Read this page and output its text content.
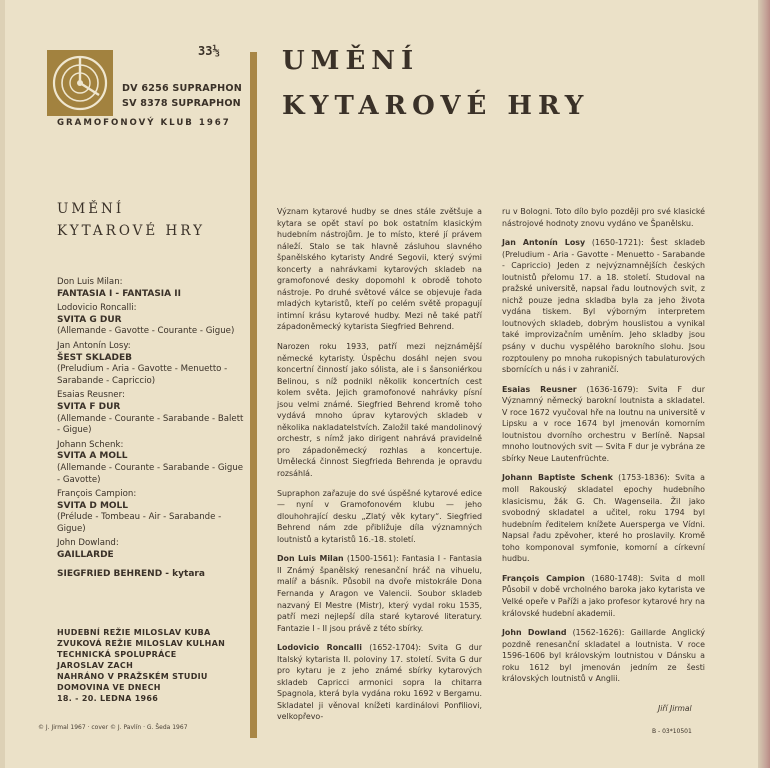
33⅓
DV 6256 SUPRAPHON
SV 8378 SUPRAPHON
GRAMOFONOVÝ KLUB 1967
UMĚNÍ
KYTAROVÉ HRY
UMĚNÍ
KYTAROVÉ HRY
Don Luis Milan:
FANTASIA I - FANTASIA II
Lodovicio Roncalli:
SVITA G DUR
(Allemande - Gavotte - Courante - Gigue)
Jan Antonín Losy:
ŠEST SKLADEB
(Preludium - Aria - Gavotte - Menuetto - Sarabande - Capriccio)
Esaias Reusner:
SVITA F DUR
(Allemande - Courante - Sarabande - Balett - Gigue)
Johann Schenk:
SVITA A MOLL
(Allemande - Courante - Sarabande - Gigue - Gavotte)
François Campion:
SVITA D MOLL
(Prélude - Tombeau - Air - Sarabande - Gigue)
John Dowland:
GAILLARDE
SIEGFRIED BEHREND - kytara
HUDEBNÍ REŽIE MILOSLAV KUBA
ZVUKOVÁ REŽIE MILOSLAV KULHAN
TECHNICKÁ SPOLUPRÁCE
JAROSLAV ZACH
NAHRÁNO V PRAŽSKÉM STUDIU
DOMOVINA VE DNECH
18. - 20. LEDNA 1966
© J. Jirmal 1967 · cover © J. Pavlín · G. Šeda 1967

Význam kytarové hudby se dnes stále zvětšuje a kytara se opět staví po bok ostatním klasickým hudebním nástrojům. Je to místo, které jí právem náleží. Stalo se tak hlavně zásluhou slavného španělského kytaristy André Segovii, který svými koncerty a nahrávkami kytarových skladeb na gramofonové desky dopomohl k obrodě tohoto nástroje. Po druhé světové válce se objevuje řada mladých kytaristů, kteří po celém světě propagují intimní krásu kytarové hudby. Mezi ně také patří západoněmecký kytarista Siegfried Behrend.

Narozen roku 1933, patří mezi nejznámější německé kytaristy. Úspěchu dosáhl nejen svou koncertní činností jako sólista, ale i s šansoniérkou Belinou, s níž podnikl několik koncertních cest kolem světa. Jejich gramofonové nahrávky písní jsou velmi známé. Siegfried Behrend kromě toho vydává mnoho úprav kytarových skladeb v několika nakladatelstvích. Založil také mandolinový orchestr, s nímž jako dirigent nahrává pravidelně pro západoněmecký rozhlas a koncertuje. Umělecká činnost Siegfrieda Behrenda je opravdu rozsáhlá.

Supraphon zařazuje do své úspěšné kytarové edice — nyní v Gramofonovém klubu — jeho dlouhohrající desku „Zlatý věk kytary“. Siegfried Behrend nám zde přibližuje díla významných loutnistů a kytaristů 16.-18. století.

Don Luis Milan (1500-1561): Fantasia I - Fantasia II Známý španělský renesanční hráč na vihuelu, malíř a básník. Působil na dvoře mistokrále Dona Fernanda y Aragon ve Valencii. Soubor skladeb nazvaný El Mestre (Mistr), který vydal roku 1535, patří mezi nejlepší díla staré kytarové literatury. Fantazie I - II jsou právě z této sbírky.

Lodovicio Roncalli (1652-1704): Svita G dur Italský kytarista II. poloviny 17. století. Svita G dur pro kytaru je z jeho známé sbírky kytarových skladeb Capricci armonici sopra la chitarra Spagnola, která byla vydána roku 1692 v Bergamu. Skladatel ji věnoval knížeti kardinálovi Ponfiliovi, velkopřevo-

ru v Bologni. Toto dílo bylo později pro své klasické nástrojové hodnoty znovu vydáno ve Španělsku.

Jan Antonín Losy (1650-1721): Šest skladeb (Preludium - Aria - Gavotte - Menuetto - Sarabande - Capriccio) Jeden z nejvýznamnějších českých loutnistů přelomu 17. a 18. století. Studoval na pražské universitě, napsal řadu loutnových svit, z nichž pouze jedna skladba byla za jeho života vydána tiskem. Byl výborným interpretem loutnových skladeb, dobrým houslistou a vynikal také improvizačním uměním. Jeho skladby jsou psány v duchu vyspělého barokního slohu. Jsou rozptouleny po mnoha rukopisných tabulaturových sbornících u nás i v zahraničí.

Esaias Reusner (1636-1679): Svita F dur Významný německý barokní loutnista a skladatel. V roce 1672 vyučoval hře na loutnu na universitě v Lipsku a v roce 1674 byl jmenován komorním loutnistou dvorního orchestru v Berlíně. Napsal mnoho loutnových svit — Svita F dur je vybrána ze sbírky Neue Lautenfrüchte.

Johann Baptiste Schenk (1753-1836): Svita a moll Rakouský skladatel epochy hudebního klasicismu, žák G. Ch. Wagenseila. Žil jako svobodný skladatel a učitel, roku 1794 byl hudebním ředitelem knížete Auersperga ve Vídni. Napsal řadu zpěvoher, které ho proslavily. Kromě toho komponoval symfonie, komorní a církevní hudbu.

François Campion (1680-1748): Svita d moll Působil v době vrcholného baroka jako kytarista ve Velké opeře v Paříži a jako profesor kytarové hry na královské hudební akademii.

John Dowland (1562-1626): Gaillarde Anglický pozdně renesanční skladatel a loutnista. V roce 1596-1606 byl královským loutnistou v Dánsku a roku 1612 byl jmenován jedním ze šesti královských loutnistů v Anglii.

Jiří Jirmal
B - 03*10501
